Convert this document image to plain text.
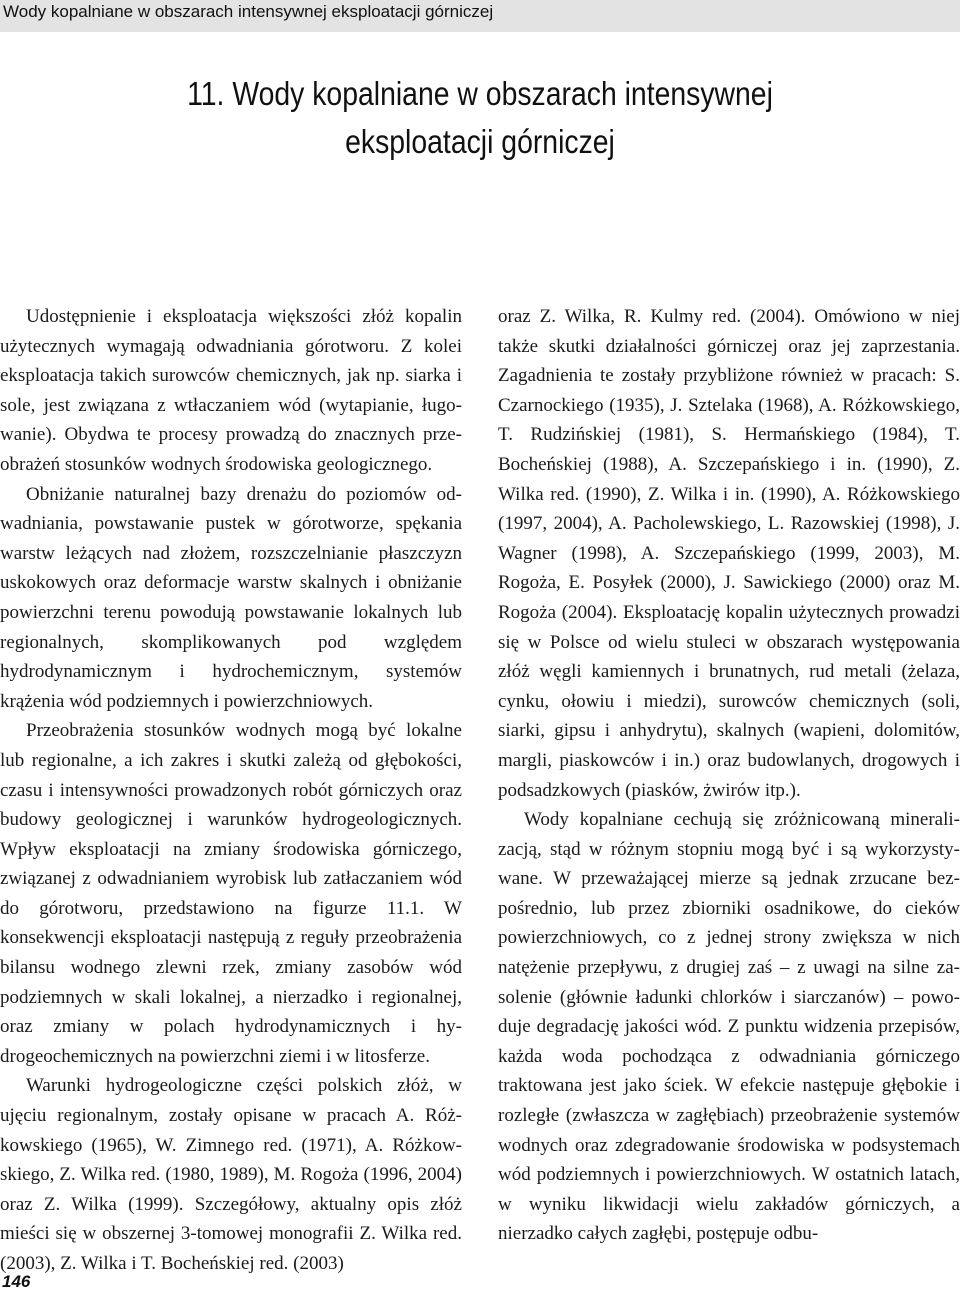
Wody kopalniane w obszarach intensywnej eksploatacji górniczej
11. Wody kopalniane w obszarach intensywnej
eksploatacji górniczej

Udostępnienie i eksploatacja większości złóż kopalin użytecznych wymagają odwadniania górotworu. Z kolei eksploatacja takich surowców chemicznych, jak np. siarka i sole, jest związana z wtłaczaniem wód (wytapianie, ługowanie). Obydwa te procesy prowadzą do znacznych przeobrażeń stosunków wodnych środowiska geologicznego.

Obniżanie naturalnej bazy drenażu do poziomów odwadniania, powstawanie pustek w górotworze, spękania warstw leżących nad złożem, rozszczelnianie płaszczyzn uskokowych oraz deformacje warstw skalnych i obniżanie powierzchni terenu powodują powstawanie lokalnych lub regionalnych, skomplikowanych pod względem hydrodynamicznym i hydrochemicznym, systemów krążenia wód podziemnych i powierzchniowych.

Przeobrażenia stosunków wodnych mogą być lokalne lub regionalne, a ich zakres i skutki zależą od głębokości, czasu i intensywności prowadzonych robót górniczych oraz budowy geologicznej i warunków hydrogeologicznych. Wpływ eksploatacji na zmiany środowiska górniczego, związanej z odwadnianiem wyrobisk lub zatłaczaniem wód do górotworu, przedstawiono na figurze 11.1. W konsekwencji eksploatacji następują z reguły przeobrażenia bilansu wodnego zlewni rzek, zmiany zasobów wód podziemnych w skali lokalnej, a nierzadko i regionalnej, oraz zmiany w polach hydrodynamicznych i hydrogeochemicznych na powierzchni ziemi i w litosferze.

Warunki hydrogeologiczne części polskich złóż, w ujęciu regionalnym, zostały opisane w pracach A. Różkowskiego (1965), W. Zimnego red. (1971), A. Różkowskiego, Z. Wilka red. (1980, 1989), M. Rogoża (1996, 2004) oraz Z. Wilka (1999). Szczegółowy, aktualny opis złóż mieści się w obszernej 3-tomowej monografii Z. Wilka red. (2003), Z. Wilka i T. Bocheńskiej red. (2003)

oraz Z. Wilka, R. Kulmy red. (2004). Omówiono w niej także skutki działalności górniczej oraz jej zaprzestania. Zagadnienia te zostały przybliżone również w pracach: S. Czarnockiego (1935), J. Sztelaka (1968), A. Różkowskiego, T. Rudzińskiej (1981), S. Hermańskiego (1984), T. Bocheńskiej (1988), A. Szczepańskiego i in. (1990), Z. Wilka red. (1990), Z. Wilka i in. (1990), A. Różkowskiego (1997, 2004), A. Pacholewskiego, L. Razowskiej (1998), J. Wagner (1998), A. Szczepańskiego (1999, 2003), M. Rogoża, E. Posyłek (2000), J. Sawickiego (2000) oraz M. Rogoża (2004). Eksploatację kopalin użytecznych prowadzi się w Polsce od wielu stuleci w obszarach występowania złóż węgli kamiennych i brunatnych, rud metali (żelaza, cynku, ołowiu i miedzi), surowców chemicznych (soli, siarki, gipsu i anhydrytu), skalnych (wapieni, dolomitów, margli, piaskowców i in.) oraz budowlanych, drogowych i podsadzkowych (piasków, żwirów itp.).

Wody kopalniane cechują się zróżnicowaną mineralizacją, stąd w różnym stopniu mogą być i są wykorzystywane. W przeważającej mierze są jednak zrzucane bezpośrednio, lub przez zbiorniki osadnikowe, do cieków powierzchniowych, co z jednej strony zwiększa w nich natężenie przepływu, z drugiej zaś – z uwagi na silne zasolenie (głównie ładunki chlorków i siarczanów) – powoduje degradację jakości wód. Z punktu widzenia przepisów, każda woda pochodząca z odwadniania górniczego traktowana jest jako ściek. W efekcie następuje głębokie i rozległe (zwłaszcza w zagłębiach) przeobrażenie systemów wodnych oraz zdegradowanie środowiska w podsystemach wód podziemnych i powierzchniowych. W ostatnich latach, w wyniku likwidacji wielu zakładów górniczych, a nierzadko całych zagłębi, postępuje odbu-

146
